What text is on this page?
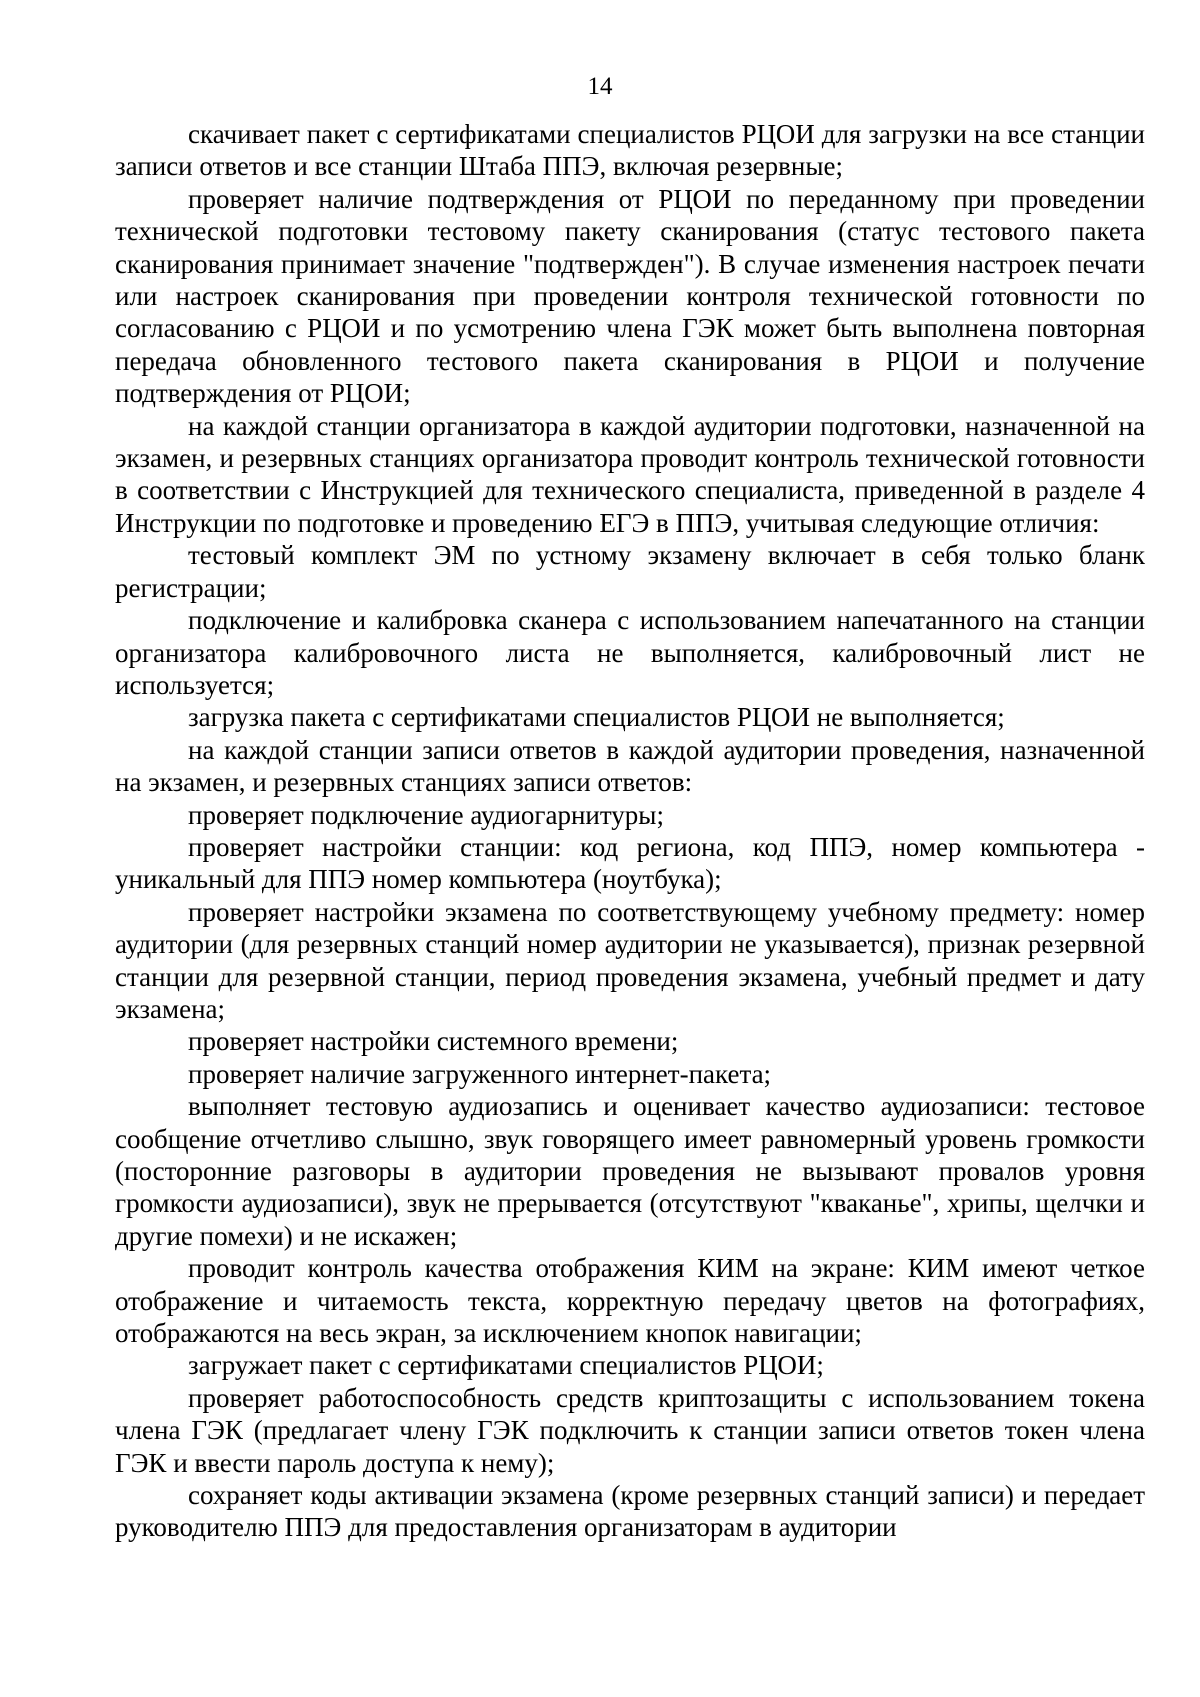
14

скачивает пакет с сертификатами специалистов РЦОИ для загрузки на все станции записи ответов и все станции Штаба ППЭ, включая резервные;

проверяет наличие подтверждения от РЦОИ по переданному при проведении технической подготовки тестовому пакету сканирования (статус тестового пакета сканирования принимает значение "подтвержден"). В случае изменения настроек печати или настроек сканирования при проведении контроля технической готовности по согласованию с РЦОИ и по усмотрению члена ГЭК может быть выполнена повторная передача обновленного тестового пакета сканирования в РЦОИ и получение подтверждения от РЦОИ;

на каждой станции организатора в каждой аудитории подготовки, назначенной на экзамен, и резервных станциях организатора проводит контроль технической готовности в соответствии с Инструкцией для технического специалиста, приведенной в разделе 4 Инструкции по подготовке и проведению ЕГЭ в ППЭ, учитывая следующие отличия:

тестовый комплект ЭМ по устному экзамену включает в себя только бланк регистрации;

подключение и калибровка сканера с использованием напечатанного на станции организатора калибровочного листа не выполняется, калибровочный лист не используется;

загрузка пакета с сертификатами специалистов РЦОИ не выполняется;

на каждой станции записи ответов в каждой аудитории проведения, назначенной на экзамен, и резервных станциях записи ответов:

проверяет подключение аудиогарнитуры;

проверяет настройки станции: код региона, код ППЭ, номер компьютера - уникальный для ППЭ номер компьютера (ноутбука);

проверяет настройки экзамена по соответствующему учебному предмету: номер аудитории (для резервных станций номер аудитории не указывается), признак резервной станции для резервной станции, период проведения экзамена, учебный предмет и дату экзамена;

проверяет настройки системного времени;

проверяет наличие загруженного интернет-пакета;

выполняет тестовую аудиозапись и оценивает качество аудиозаписи: тестовое сообщение отчетливо слышно, звук говорящего имеет равномерный уровень громкости (посторонние разговоры в аудитории проведения не вызывают провалов уровня громкости аудиозаписи), звук не прерывается (отсутствуют "кваканье", хрипы, щелчки и другие помехи) и не искажен;

проводит контроль качества отображения КИМ на экране: КИМ имеют четкое отображение и читаемость текста, корректную передачу цветов на фотографиях, отображаются на весь экран, за исключением кнопок навигации;

загружает пакет с сертификатами специалистов РЦОИ;

проверяет работоспособность средств криптозащиты с использованием токена члена ГЭК (предлагает члену ГЭК подключить к станции записи ответов токен члена ГЭК и ввести пароль доступа к нему);

сохраняет коды активации экзамена (кроме резервных станций записи) и передает руководителю ППЭ для предоставления организаторам в аудитории
